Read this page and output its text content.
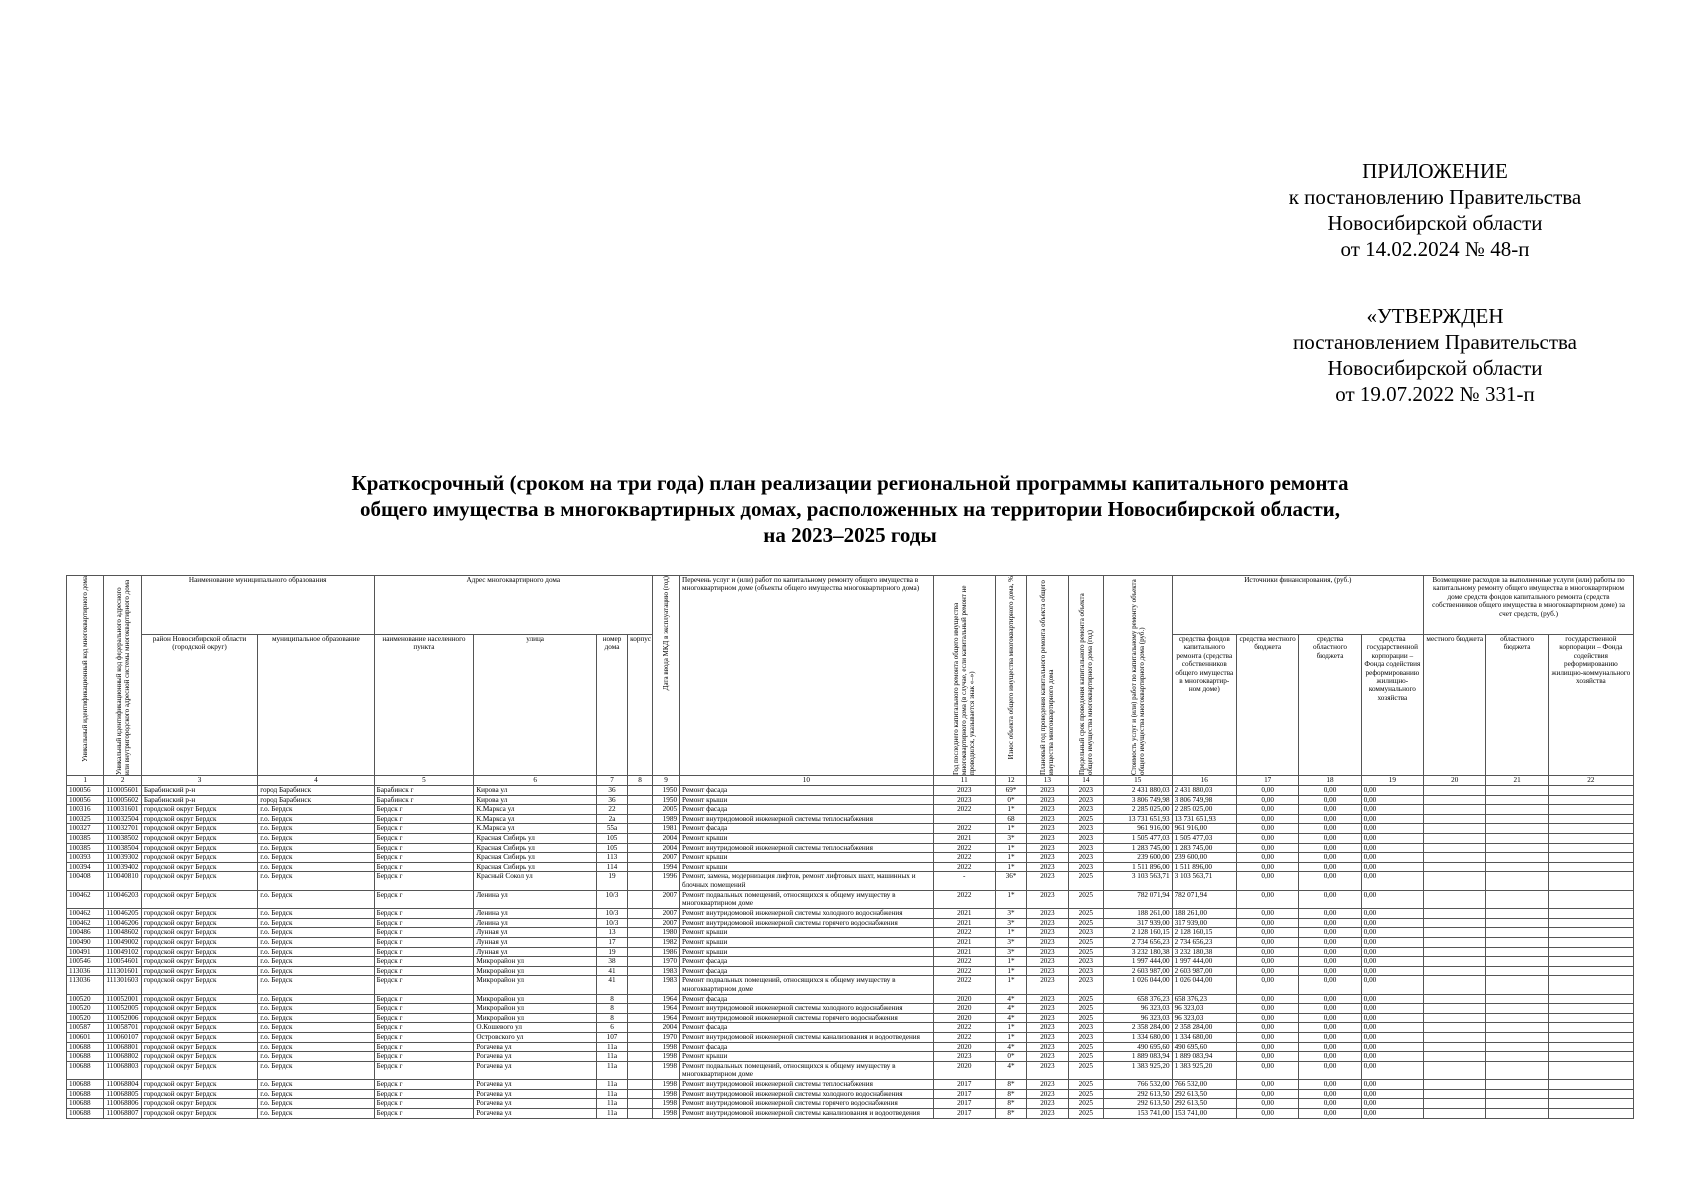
ПРИЛОЖЕНИЕ
к постановлению Правительства
Новосибирской области
от 14.02.2024 № 48-п
«УТВЕРЖДЕН
постановлением Правительства
Новосибирской области
от 19.07.2022 № 331-п
Краткосрочный (сроком на три года) план реализации региональной программы капитального ремонта
общего имущества в многоквартирных домах, расположенных на территории Новосибирской области,
на 2023–2025 годы
Уникальный идентификационный код многоквартирного дома	Уникальный идентификационный код федерального адресного или внутригородского адресной системы многоквартирного дома	Наименование муниципального образования		Адрес многоквартирного дома				Дата ввода МКД в эксплуатацию (год)	Перечень услуг и (или) работ по капитальному ремонту общего имущества в многоквартирном доме (объекты общего имущества многоквартирного дома)	Год последнего капитального ремонта общего имущества многоквартирного дома (в случае, если капитальный ремонт не проводился, указывается знак «–»)	Износ объекта общего имущества многоквартирного дома, %	Плановый год проведения капитального ремонта объекта общего имущества многоквартирного дома	Предельный срок проведения капитального ремонта объекта общего имущества многоквартирного дома (год)	Стоимость услуг и (или) работ по капитальному ремонту объекта общего имущества многоквартирного дома (руб.)	Источники финансирования, (руб.)				Возмещение расходов за выполненные услуги (или) работы по капитальному ремонту общего имущества в многоквартирном доме средств фондов капитального ремонта (средств собственников общего имущества в многоквартирном доме) за счет средств, (руб.)		
		район Новосибирской области (городской округ)	муниципальное образование	наименование населенного пункта	улица	номер дома	корпус								средства фондов капитального ремонта (средства собственников общего имущества в многоквартир-ном доме)	средства местного бюджета	средства областного бюджета	средства государственной корпорации – Фонда содействия реформированию жилищно-коммунального хозяйства	местного бюджета	областного бюджета	государственной корпорации – Фонда содействия реформированию жилищно-коммунального хозяйства
1	2	3	4	5	6	7	8	9	10	11	12	13	14	15	16	17	18	19	20	21	22
100056	110005601	Барабинский р-н	город Барабинск	Барабинск г	Кирова ул	36		1950	Ремонт фасада	2023	69*	2023	2023	2 431 880,03	2 431 880,03	0,00	0,00	0,00			
100056	110005602	Барабинский р-н	город Барабинск	Барабинск г	Кирова ул	36		1950	Ремонт крыши	2023	0*	2023	2023	3 806 749,98	3 806 749,98	0,00	0,00	0,00			
100316	110031601	городской округ Бердск	г.о. Бердск	Бердск г	К.Маркса ул	22		2005	Ремонт фасада	2022	1*	2023	2023	2 285 025,00	2 285 025,00	0,00	0,00	0,00			
100325	110032504	городской округ Бердск	г.о. Бердск	Бердск г	К.Маркса ул	2а		1989	Ремонт внутридомовой инженерной системы теплоснабжения		68	2023	2025	13 731 651,93	13 731 651,93	0,00	0,00	0,00			
100327	110032701	городской округ Бердск	г.о. Бердск	Бердск г	К.Маркса ул	55а		1981	Ремонт фасада	2022	1*	2023	2023	961 916,00	961 916,00	0,00	0,00	0,00			
100385	110038502	городской округ Бердск	г.о. Бердск	Бердск г	Красная Сибирь ул	105		2004	Ремонт крыши	2021	3*	2023	2023	1 505 477,03	1 505 477,03	0,00	0,00	0,00			
100385	110038504	городской округ Бердск	г.о. Бердск	Бердск г	Красная Сибирь ул	105		2004	Ремонт внутридомовой инженерной системы теплоснабжения	2022	1*	2023	2023	1 283 745,00	1 283 745,00	0,00	0,00	0,00			
100393	110039302	городской округ Бердск	г.о. Бердск	Бердск г	Красная Сибирь ул	113		2007	Ремонт крыши	2022	1*	2023	2023	239 600,00	239 600,00	0,00	0,00	0,00			
100394	110039402	городской округ Бердск	г.о. Бердск	Бердск г	Красная Сибирь ул	114		1994	Ремонт крыши	2022	1*	2023	2023	1 511 896,00	1 511 896,00	0,00	0,00	0,00			
100408	110040810	городской округ Бердск	г.о. Бердск	Бердск г	Красный Сокол ул	19		1996	Ремонт, замена, модернизация лифтов, ремонт лифтовых шахт, машинных и блочных помещений	-	36*	2023	2025	3 103 563,71	3 103 563,71	0,00	0,00	0,00			
100462	110046203	городской округ Бердск	г.о. Бердск	Бердск г	Ленина ул	10/3		2007	Ремонт подвальных помещений, относящихся к общему имуществу в многоквартирном доме	2022	1*	2023	2025	782 071,94	782 071,94	0,00	0,00	0,00			
100462	110046205	городской округ Бердск	г.о. Бердск	Бердск г	Ленина ул	10/3		2007	Ремонт внутридомовой инженерной системы холодного водоснабжения	2021	3*	2023	2025	188 261,00	188 261,00	0,00	0,00	0,00			
100462	110046206	городской округ Бердск	г.о. Бердск	Бердск г	Ленина ул	10/3		2007	Ремонт внутридомовой инженерной системы горячего водоснабжения	2021	3*	2023	2025	317 939,00	317 939,00	0,00	0,00	0,00			
100486	110048602	городской округ Бердск	г.о. Бердск	Бердск г	Лунная ул	13		1980	Ремонт крыши	2022	1*	2023	2023	2 128 160,15	2 128 160,15	0,00	0,00	0,00			
100490	110049002	городской округ Бердск	г.о. Бердск	Бердск г	Лунная ул	17		1982	Ремонт крыши	2021	3*	2023	2025	2 734 656,23	2 734 656,23	0,00	0,00	0,00			
100491	110049102	городской округ Бердск	г.о. Бердск	Бердск г	Лунная ул	19		1986	Ремонт крыши	2021	3*	2023	2025	3 232 180,38	3 232 180,38	0,00	0,00	0,00			
100546	110054601	городской округ Бердск	г.о. Бердск	Бердск г	Микрорайон ул	38		1970	Ремонт фасада	2022	1*	2023	2023	1 997 444,00	1 997 444,00	0,00	0,00	0,00			
113036	111301601	городской округ Бердск	г.о. Бердск	Бердск г	Микрорайон ул	41		1983	Ремонт фасада	2022	1*	2023	2023	2 603 987,00	2 603 987,00	0,00	0,00	0,00			
113036	111301603	городской округ Бердск	г.о. Бердск	Бердск г	Микрорайон ул	41		1983	Ремонт подвальных помещений, относящихся к общему имуществу в многоквартирном доме	2022	1*	2023	2023	1 026 044,00	1 026 044,00	0,00	0,00	0,00			
100520	110052001	городской округ Бердск	г.о. Бердск	Бердск г	Микрорайон ул	8		1964	Ремонт фасада	2020	4*	2023	2025	658 376,23	658 376,23	0,00	0,00	0,00			
100520	110052005	городской округ Бердск	г.о. Бердск	Бердск г	Микрорайон ул	8		1964	Ремонт внутридомовой инженерной системы холодного водоснабжения	2020	4*	2023	2025	96 323,03	96 323,03	0,00	0,00	0,00			
100520	110052006	городской округ Бердск	г.о. Бердск	Бердск г	Микрорайон ул	8		1964	Ремонт внутридомовой инженерной системы горячего водоснабжения	2020	4*	2023	2025	96 323,03	96 323,03	0,00	0,00	0,00			
100587	110058701	городской округ Бердск	г.о. Бердск	Бердск г	О.Кошевого ул	6		2004	Ремонт фасада	2022	1*	2023	2023	2 358 284,00	2 358 284,00	0,00	0,00	0,00			
100601	110060107	городской округ Бердск	г.о. Бердск	Бердск г	Островского ул	107		1970	Ремонт внутридомовой инженерной системы канализования и водоотведения	2022	1*	2023	2023	1 334 680,00	1 334 680,00	0,00	0,00	0,00			
100688	110068801	городской округ Бердск	г.о. Бердск	Бердск г	Рогачева ул	11а		1998	Ремонт фасада	2020	4*	2023	2025	490 695,60	490 695,60	0,00	0,00	0,00			
100688	110068802	городской округ Бердск	г.о. Бердск	Бердск г	Рогачева ул	11а		1998	Ремонт крыши	2023	0*	2023	2025	1 889 083,94	1 889 083,94	0,00	0,00	0,00			
100688	110068803	городской округ Бердск	г.о. Бердск	Бердск г	Рогачева ул	11а		1998	Ремонт подвальных помещений, относящихся к общему имуществу в многоквартирном доме	2020	4*	2023	2025	1 383 925,20	1 383 925,20	0,00	0,00	0,00			
100688	110068804	городской округ Бердск	г.о. Бердск	Бердск г	Рогачева ул	11а		1998	Ремонт внутридомовой инженерной системы теплоснабжения	2017	8*	2023	2025	766 532,00	766 532,00	0,00	0,00	0,00			
100688	110068805	городской округ Бердск	г.о. Бердск	Бердск г	Рогачева ул	11а		1998	Ремонт внутридомовой инженерной системы холодного водоснабжения	2017	8*	2023	2025	292 613,50	292 613,50	0,00	0,00	0,00			
100688	110068806	городской округ Бердск	г.о. Бердск	Бердск г	Рогачева ул	11а		1998	Ремонт внутридомовой инженерной системы горячего водоснабжения	2017	8*	2023	2025	292 613,50	292 613,50	0,00	0,00	0,00			
100688	110068807	городской округ Бердск	г.о. Бердск	Бердск г	Рогачева ул	11а		1998	Ремонт внутридомовой инженерной системы канализования и водоотведения	2017	8*	2023	2025	153 741,00	153 741,00	0,00	0,00	0,00			
